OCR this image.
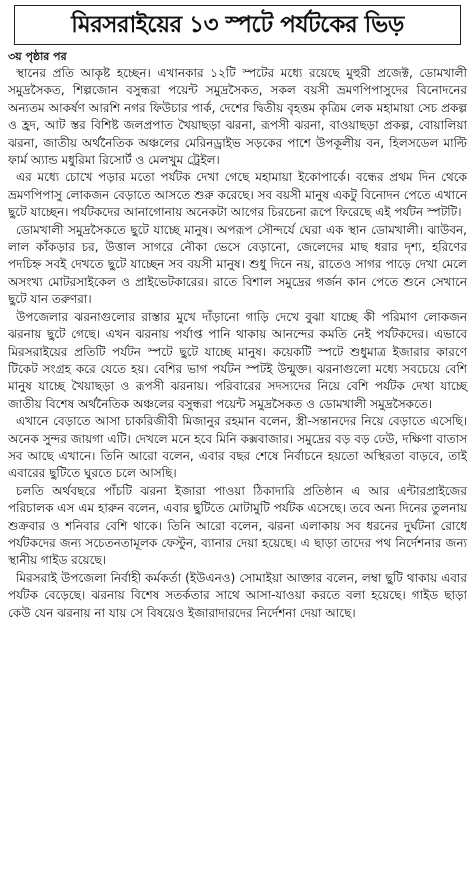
মিরসরাইয়ের ১৩ স্পটে পর্যটকের ভিড়
৩য় পৃষ্ঠার পর

স্থানের প্রতি আকৃষ্ট হচ্ছেন। এখানকার ১২টি স্পটের মধ্যে রয়েছে মুহুরী প্রজেক্ট, ডোমখালী সমুদ্রসৈকত, শিল্পজোন বসুন্ধরা পয়েন্ট সমুদ্রসৈকত, সকল বয়সী ভ্রমণপিপাসুদের বিনোদনের অন্যতম আকর্ষণ আরশি নগর ফিউচার পার্ক, দেশের দ্বিতীয় বৃহত্তম কৃত্রিম লেক মহামায়া সেচ প্রকল্প ও হ্রদ, আট স্তর বিশিষ্ট জলপ্রপাত খৈয়াছড়া ঝরনা, রূপসী ঝরনা, বাওয়াছড়া প্রকল্প, বোয়ালিয়া ঝরনা, জাতীয় অর্থনৈতিক অঞ্চলের মেরিনড্রাইভ সড়কের পাশে উপকূলীয় বন, হিলসডেল মাল্টি ফার্ম অ্যান্ড মধুরিমা রিসোর্ট ও মেলখুম ট্রেইল।

এর মধ্যে চোখে পড়ার মতো পর্যটক দেখা গেছে মহামায়া ইকোপার্কে। বন্ধের প্রথম দিন থেকে ভ্রমণপিপাসু লোকজন বেড়াতে আসতে শুরু করেছে। সব বয়সী মানুষ একটু বিনোদন পেতে এখানে ছুটে যাচ্ছেন। পর্যটকদের আনাগোনায় অনেকটা আগের চিরচেনা রূপে ফিরেছে এই পর্যটন স্পটটি।

ডোমখালী সমুদ্রসৈকতে ছুটে যাচ্ছে মানুষ। অপরূপ সৌন্দর্যে ঘেরা এক স্থান ডোমখালী। ঝাউবন, লাল কাঁকড়ার চর, উত্তাল সাগরে নৌকা ভেসে বেড়ানো, জেলেদের মাছ ধরার দৃশ্য, হরিণের পদচিহ্ন সবই দেখতে ছুটে যাচ্ছেন সব বয়সী মানুষ। শুধু দিনে নয়, রাতেও সাগর পাড়ে দেখা মেলে অসংখ্য মোটরসাইকেল ও প্রাইভেটকারের। রাতে বিশাল সমুদ্রের গর্জন কান পেতে শুনে সেখানে ছুটে যান তরুণরা।

উপজেলার ঝরনাগুলোর রাস্তার মুখে দাঁড়ানো গাড়ি দেখে বুঝা যাচ্ছে কী পরিমাণ লোকজন ঝরনায় ছুটে গেছে। এখন ঝরনায় পর্যাপ্ত পানি থাকায় আনন্দের কমতি নেই পর্যটকদের। এভাবে মিরসরাইয়ের প্রতিটি পর্যটন স্পটে ছুটে যাচ্ছে মানুষ। কয়েকটি স্পটে শুধুমাত্র ইজারার কারণে টিকেট সংগ্রহ করে যেতে হয়। বেশির ভাগ পর্যটন স্পটই উন্মুক্ত। ঝরনাগুলো মধ্যে সবচেয়ে বেশি মানুষ যাচ্ছে খৈয়াছড়া ও রূপসী ঝরনায়। পরিবারের সদস্যদের নিয়ে বেশি পর্যটক দেখা যাচ্ছে জাতীয় বিশেষ অর্থনৈতিক অঞ্চলের বসুন্ধরা পয়েন্ট সমুদ্রসৈকত ও ডোমখালী সমুদ্রসৈকতে।

এখানে বেড়াতে আসা চাকরিজীবী মিজানুর রহমান বলেন, স্ত্রী-সন্তানদের নিয়ে বেড়াতে এসেছি। অনেক সুন্দর জায়গা এটি। দেখলে মনে হবে মিনি কক্সবাজার। সমুদ্রের বড় বড় ঢেউ, দক্ষিণা বাতাস সব আছে এখানে। তিনি আরো বলেন, এবার বছর শেষে নির্বাচনে হয়তো অস্থিরতা বাড়বে, তাই এবারের ছুটিতে ঘুরতে চলে আসছি।

চলতি অর্থবছরে পাঁচটি ঝরনা ইজারা পাওয়া ঠিকাদারি প্রতিষ্ঠান এ আর এন্টারপ্রাইজের পরিচালক এস এম হারুন বলেন, এবার ছুটিতে মোটামুটি পর্যটক এসেছে। তবে অন্য দিনের তুলনায় শুক্রবার ও শনিবার বেশি থাকে। তিনি আরো বলেন, ঝরনা এলাকায় সব ধরনের দুর্ঘটনা রোধে পর্যটকদের জন্য সচেতনতামূলক ফেস্টুন, ব্যানার দেয়া হয়েছে। এ ছাড়া তাদের পথ নির্দেশনার জন্য স্থানীয় গাইড রয়েছে।

মিরসরাই উপজেলা নির্বাহী কর্মকর্তা (ইউএনও) সোমাইয়া আক্তার বলেন, লম্বা ছুটি থাকায় এবার পর্যটক বেড়েছে। ঝরনায় বিশেষ সতর্কতার সাথে আসা-যাওয়া করতে বলা হয়েছে। গাইড ছাড়া কেউ যেন ঝরনায় না যায় সে বিষয়েও ইজারাদারদের নির্দেশনা দেয়া আছে।
